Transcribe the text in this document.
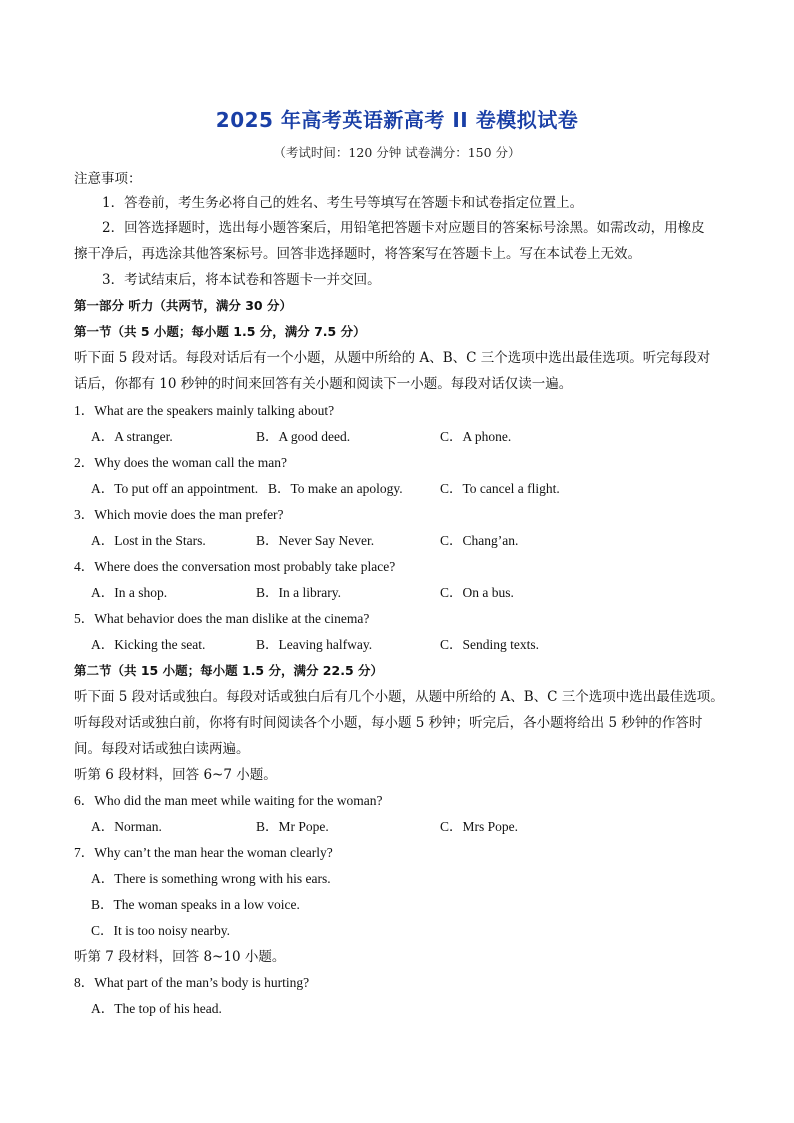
2025 年高考英语新高考 II 卷模拟试卷
（考试时间：120 分钟 试卷满分：150 分）
注意事项：
1．答卷前，考生务必将自己的姓名、考生号等填写在答题卡和试卷指定位置上。
2．回答选择题时，选出每小题答案后，用铅笔把答题卡对应题目的答案标号涂黑。如需改动，用橡皮
擦干净后，再选涂其他答案标号。回答非选择题时，将答案写在答题卡上。写在本试卷上无效。
3．考试结束后，将本试卷和答题卡一并交回。
第一部分 听力（共两节，满分 30 分）
第一节（共 5 小题；每小题 1.5 分，满分 7.5 分）
听下面 5 段对话。每段对话后有一个小题，从题中所给的 A、B、C 三个选项中选出最佳选项。听完每段对
话后，你都有 10 秒钟的时间来回答有关小题和阅读下一小题。每段对话仅读一遍。
1．What are the speakers mainly talking about?
A．A stranger.	B．A good deed.	C．A phone.
2．Why does the woman call the man?
A．To put off an appointment. B．To make an apology.	C．To cancel a flight.
3．Which movie does the man prefer?
A．Lost in the Stars.	B．Never Say Never.	C．Chang’an.
4．Where does the conversation most probably take place?
A．In a shop.	B．In a library.	C．On a bus.
5．What behavior does the man dislike at the cinema?
A．Kicking the seat.	B．Leaving halfway.	C．Sending texts.
第二节（共 15 小题；每小题 1.5 分，满分 22.5 分）
听下面 5 段对话或独白。每段对话或独白后有几个小题，从题中所给的 A、B、C 三个选项中选出最佳选项。
听每段对话或独白前，你将有时间阅读各个小题，每小题 5 秒钟；听完后，各小题将给出 5 秒钟的作答时
间。每段对话或独白读两遍。
听第 6 段材料，回答 6~7 小题。
6．Who did the man meet while waiting for the woman?
A．Norman.	B．Mr Pope.	C．Mrs Pope.
7．Why can’t the man hear the woman clearly?
A．There is something wrong with his ears.
B．The woman speaks in a low voice.
C．It is too noisy nearby.
听第 7 段材料，回答 8~10 小题。
8．What part of the man’s body is hurting?
A．The top of his head.
